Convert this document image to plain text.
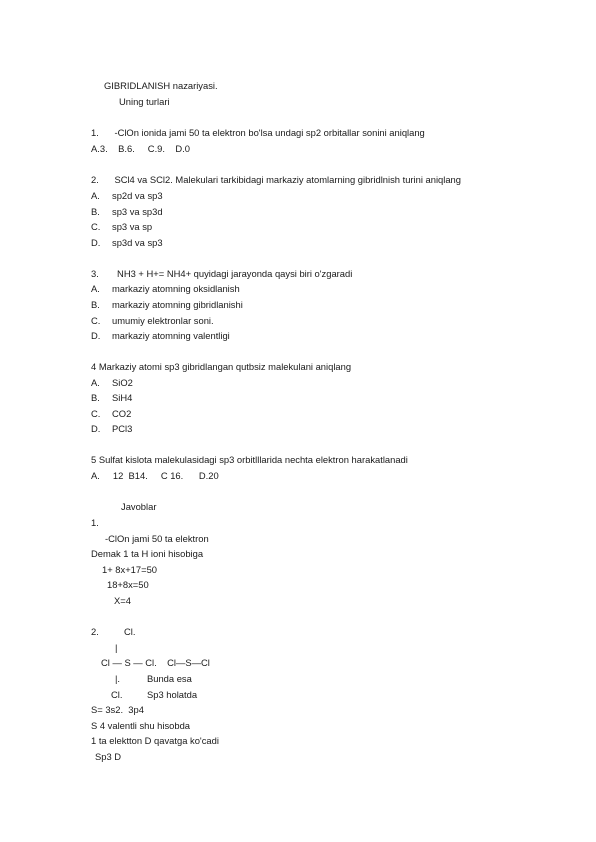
GIBRIDLANISH nazariyasi.
Uning turlari
1.      -ClOn ionida jami 50 ta elektron bo'lsa undagi sp2 orbitallar sonini aniqlang
A.3.    B.6.     C.9.    D.0
2.      SCl4 va SCl2. Malekulari tarkibidagi markaziy atomlarning gibridlnish turini aniqlang
A. sp2d va sp3
B. sp3 va sp3d
C. sp3 va sp
D. sp3d va sp3
3.       NH3 + H+= NH4+ quyidagi jarayonda qaysi biri o'zgaradi
A. markaziy atomning oksidlanish
B. markaziy atomning gibridlanishi
C. umumiy elektronlar soni.
D. markaziy atomning valentligi
4 Markaziy atomi sp3 gibridlangan qutbsiz malekulani aniqlang
A. SiO2
B. SiH4
C. CO2
D. PCl3
5 Sulfat kislota malekulasidagi sp3 orbitlllarida nechta elektron harakatlanadi
A.     12  B14.     C 16.      D.20
Javoblar
1.
-ClOn jami 50 ta elektron
Demak 1 ta H ioni hisobiga
1+ 8x+17=50
18+8x=50
X=4
2.	Cl.
|
Cl — S — Cl.    Cl—S—Cl
|.	Bunda esa
Cl.	Sp3 holatda
S= 3s2.  3p4
S 4 valentli shu hisobda
1 ta elektton D qavatga ko'cadi
Sp3 D
